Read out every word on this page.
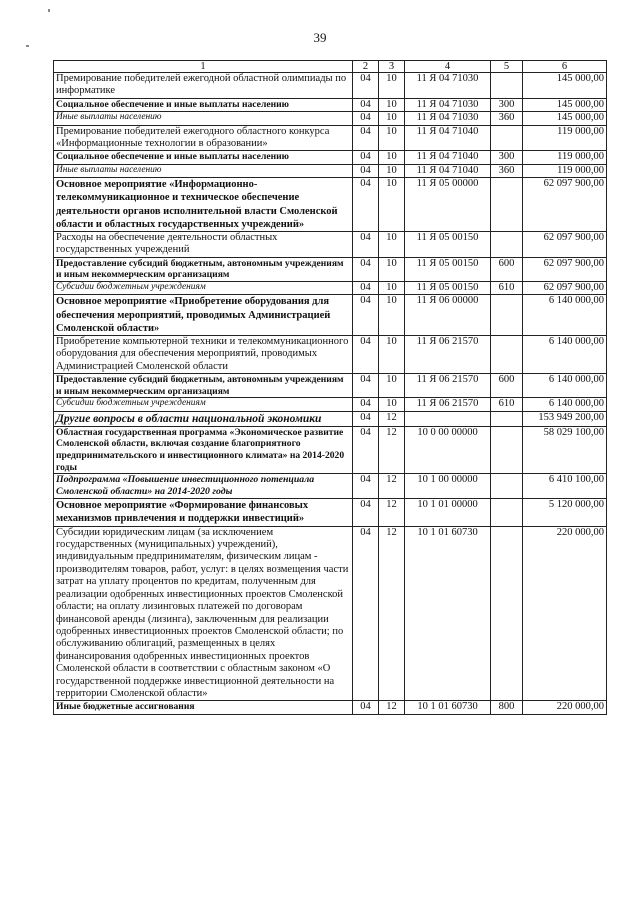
39
1	2	3	4	5	6
Премирование победителей ежегодной областной олимпиады по информатике	04	10	11 Я 04 71030		145 000,00
Социальное обеспечение и иные выплаты населению	04	10	11 Я 04 71030	300	145 000,00
Иные выплаты населению	04	10	11 Я 04 71030	360	145 000,00
Премирование победителей ежегодного областного конкурса «Информационные технологии в образовании»	04	10	11 Я 04 71040		119 000,00
Социальное обеспечение и иные выплаты населению	04	10	11 Я 04 71040	300	119 000,00
Иные выплаты населению	04	10	11 Я 04 71040	360	119 000,00
Основное мероприятие «Информационно-телекоммуникационное и техническое обеспечение деятельности органов исполнительной власти Смоленской области и областных государственных учреждений»	04	10	11 Я 05 00000		62 097 900,00
Расходы на обеспечение деятельности областных государственных учреждений	04	10	11 Я 05 00150		62 097 900,00
Предоставление субсидий бюджетным, автономным учреждениям и иным некоммерческим организациям	04	10	11 Я 05 00150	600	62 097 900,00
Субсидии бюджетным учреждениям	04	10	11 Я 05 00150	610	62 097 900,00
Основное мероприятие «Приобретение оборудования для обеспечения мероприятий, проводимых Администрацией Смоленской области»	04	10	11 Я 06 00000		6 140 000,00
Приобретение компьютерной техники и телекоммуникационного оборудования для обеспечения мероприятий, проводимых Администрацией Смоленской области	04	10	11 Я 06 21570		6 140 000,00
Предоставление субсидий бюджетным, автономным учреждениям и иным некоммерческим организациям	04	10	11 Я 06 21570	600	6 140 000,00
Субсидии бюджетным учреждениям	04	10	11 Я 06 21570	610	6 140 000,00
Другие вопросы в области национальной экономики	04	12			153 949 200,00
Областная государственная программа «Экономическое развитие Смоленской области, включая создание благоприятного предпринимательского и инвестиционного климата» на 2014-2020 годы	04	12	10 0 00 00000		58 029 100,00
Подпрограмма «Повышение инвестиционного потенциала Смоленской области» на 2014-2020 годы	04	12	10 1 00 00000		6 410 100,00
Основное мероприятие «Формирование финансовых механизмов привлечения и поддержки инвестиций»	04	12	10 1 01 00000		5 120 000,00
Субсидии юридическим лицам (за исключением государственных (муниципальных) учреждений), индивидуальным предпринимателям, физическим лицам - производителям товаров, работ, услуг: в целях возмещения части затрат на уплату процентов по кредитам, полученным для реализации одобренных инвестиционных проектов Смоленской области; на оплату лизинговых платежей по договорам финансовой аренды (лизинга), заключенным для реализации одобренных инвестиционных проектов Смоленской области; по обслуживанию облигаций, размещенных в целях финансирования одобренных инвестиционных проектов Смоленской области в соответствии с областным законом «О государственной поддержке инвестиционной деятельности на территории Смоленской области»	04	12	10 1 01 60730		220 000,00
Иные бюджетные ассигнования	04	12	10 1 01 60730	800	220 000,00
